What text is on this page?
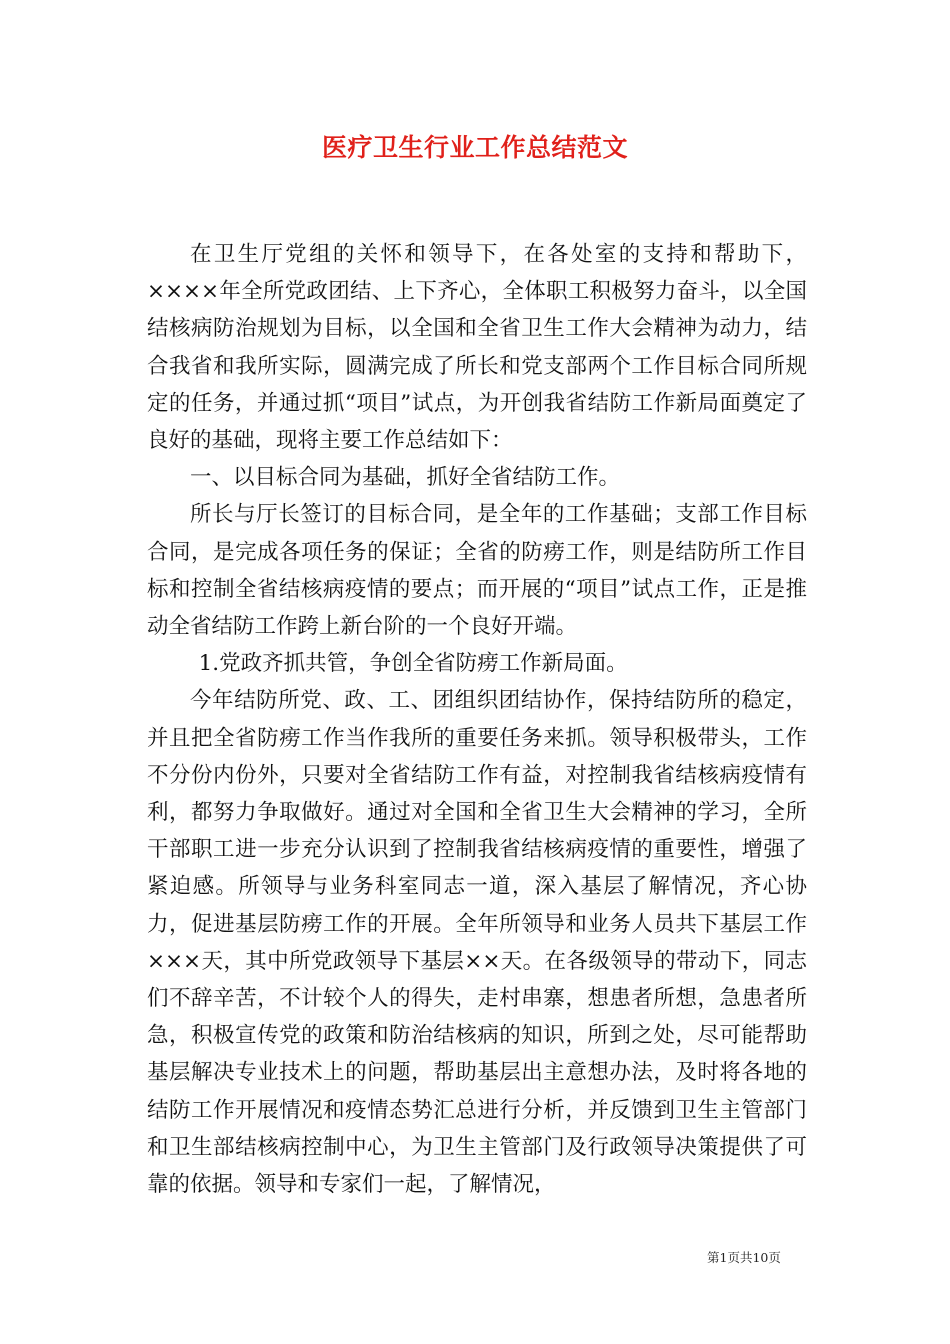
医疗卫生行业工作总结范文

在卫生厅党组的关怀和领导下，在各处室的支持和帮助下，××××年全所党政团结、上下齐心，全体职工积极努力奋斗，以全国结核病防治规划为目标，以全国和全省卫生工作大会精神为动力，结合我省和我所实际，圆满完成了所长和党支部两个工作目标合同所规定的任务，并通过抓“项目”试点，为开创我省结防工作新局面奠定了良好的基础，现将主要工作总结如下：

一、以目标合同为基础，抓好全省结防工作。

所长与厅长签订的目标合同，是全年的工作基础；支部工作目标合同，是完成各项任务的保证；全省的防痨工作，则是结防所工作目标和控制全省结核病疫情的要点；而开展的“项目”试点工作，正是推动全省结防工作跨上新台阶的一个良好开端。

1.党政齐抓共管，争创全省防痨工作新局面。

今年结防所党、政、工、团组织团结协作，保持结防所的稳定，并且把全省防痨工作当作我所的重要任务来抓。领导积极带头，工作不分份内份外，只要对全省结防工作有益，对控制我省结核病疫情有利，都努力争取做好。通过对全国和全省卫生大会精神的学习，全所干部职工进一步充分认识到了控制我省结核病疫情的重要性，增强了紧迫感。所领导与业务科室同志一道，深入基层了解情况，齐心协力，促进基层防痨工作的开展。全年所领导和业务人员共下基层工作×××天，其中所党政领导下基层××天。在各级领导的带动下，同志们不辞辛苦，不计较个人的得失，走村串寨，想患者所想，急患者所急，积极宣传党的政策和防治结核病的知识，所到之处，尽可能帮助基层解决专业技术上的问题，帮助基层出主意想办法，及时将各地的结防工作开展情况和疫情态势汇总进行分析，并反馈到卫生主管部门和卫生部结核病控制中心，为卫生主管部门及行政领导决策提供了可靠的依据。领导和专家们一起，了解情况，

第1页共10页
